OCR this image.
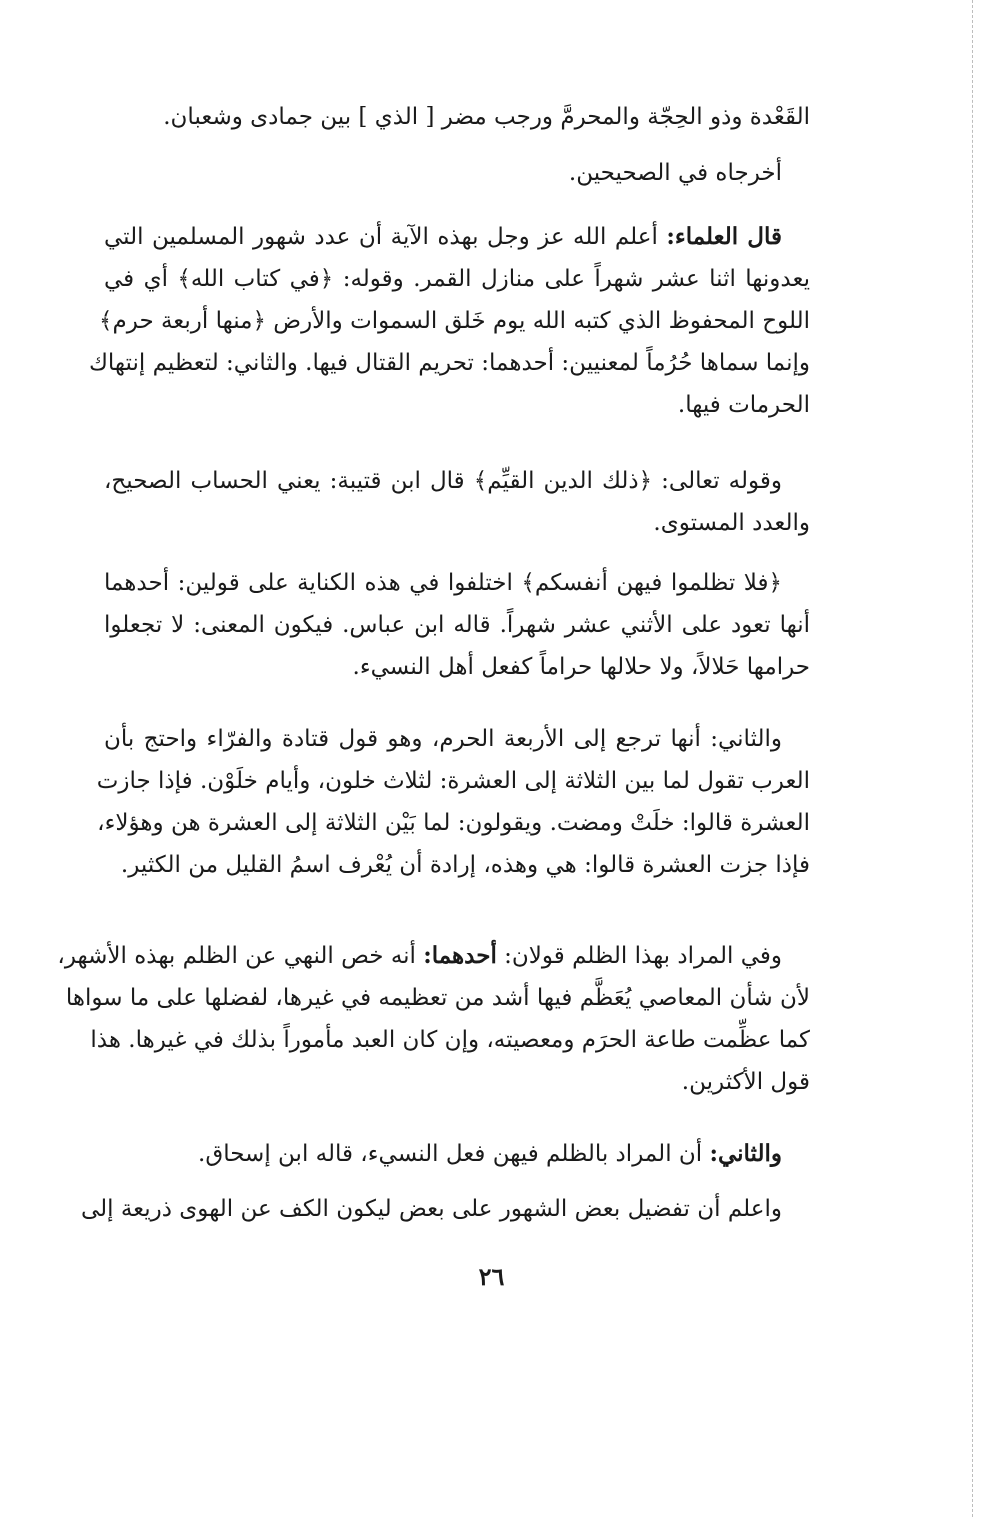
القَعْدة وذو الحِجّة والمحرمَّ ورجب مضر [ الذي ] بين جمادى وشعبان.
أخرجاه في الصحيحين.
قال العلماء: أعلم الله عز وجل بهذه الآية أن عدد شهور المسلمين التي
يعدونها اثنا عشر شهراً على منازل القمر. وقوله: ﴿في كتاب الله﴾ أي في
اللوح المحفوظ الذي كتبه الله يوم خَلق السموات والأرض ﴿منها أربعة حرم﴾
وإنما سماها حُرُماً لمعنيين: أحدهما: تحريم القتال فيها. والثاني: لتعظيم إنتهاك
الحرمات فيها.
وقوله تعالى: ﴿ذلك الدين القيِّم﴾ قال ابن قتيبة: يعني الحساب الصحيح،
والعدد المستوى.
﴿فلا تظلموا فيهن أنفسكم﴾ اختلفوا في هذه الكناية على قولين: أحدهما
أنها تعود على الأثني عشر شهراً. قاله ابن عباس. فيكون المعنى: لا تجعلوا
حرامها حَلالاً، ولا حلالها حراماً كفعل أهل النسيء.
والثاني: أنها ترجع إلى الأربعة الحرم، وهو قول قتادة والفرّاء واحتج بأن
العرب تقول لما بين الثلاثة إلى العشرة: لثلاث خلون، وأيام خلَوْن. فإذا جازت
العشرة قالوا: خلَتْ ومضت. ويقولون: لما بَيْن الثلاثة إلى العشرة هن وهؤلاء،
فإذا جزت العشرة قالوا: هي وهذه، إرادة أن يُعْرف اسمُ القليل من الكثير.
وفي المراد بهذا الظلم قولان: أحدهما: أنه خص النهي عن الظلم بهذه الأشهر،
لأن شأن المعاصي يُعَظَّم فيها أشد من تعظيمه في غيرها، لفضلها على ما سواها
كما عظِّمت طاعة الحرَم ومعصيته، وإن كان العبد مأموراً بذلك في غيرها. هذا
قول الأكثرين.
والثاني: أن المراد بالظلم فيهن فعل النسيء، قاله ابن إسحاق.
واعلم أن تفضيل بعض الشهور على بعض ليكون الكف عن الهوى ذريعة إلى
٢٦
